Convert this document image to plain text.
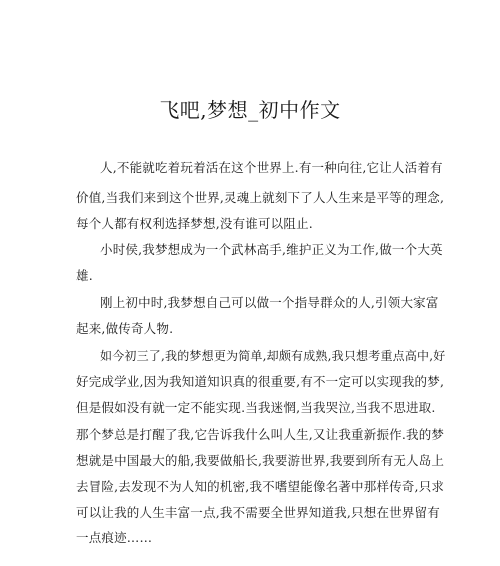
飞吧,梦想_初中作文
人,不能就吃着玩着活在这个世界上.有一种向往,它让人活着有
价值,当我们来到这个世界,灵魂上就刻下了人人生来是平等的理念,
每个人都有权利选择梦想,没有谁可以阻止.
小时侯,我梦想成为一个武林高手,维护正义为工作,做一个大英
雄.
刚上初中时,我梦想自己可以做一个指导群众的人,引领大家富
起来,做传奇人物.
如今初三了,我的梦想更为简单,却颇有成熟,我只想考重点高中,好
好完成学业,因为我知道知识真的很重要,有不一定可以实现我的梦,
但是假如没有就一定不能实现.当我迷惘,当我哭泣,当我不思进取.
那个梦总是打醒了我,它告诉我什么叫人生,又让我重新振作.我的梦
想就是中国最大的船,我要做船长,我要游世界,我要到所有无人岛上
去冒险,去发现不为人知的机密,我不嗜望能像名著中那样传奇,只求
可以让我的人生丰富一点,我不需要全世界知道我,只想在世界留有
一点痕迹……
